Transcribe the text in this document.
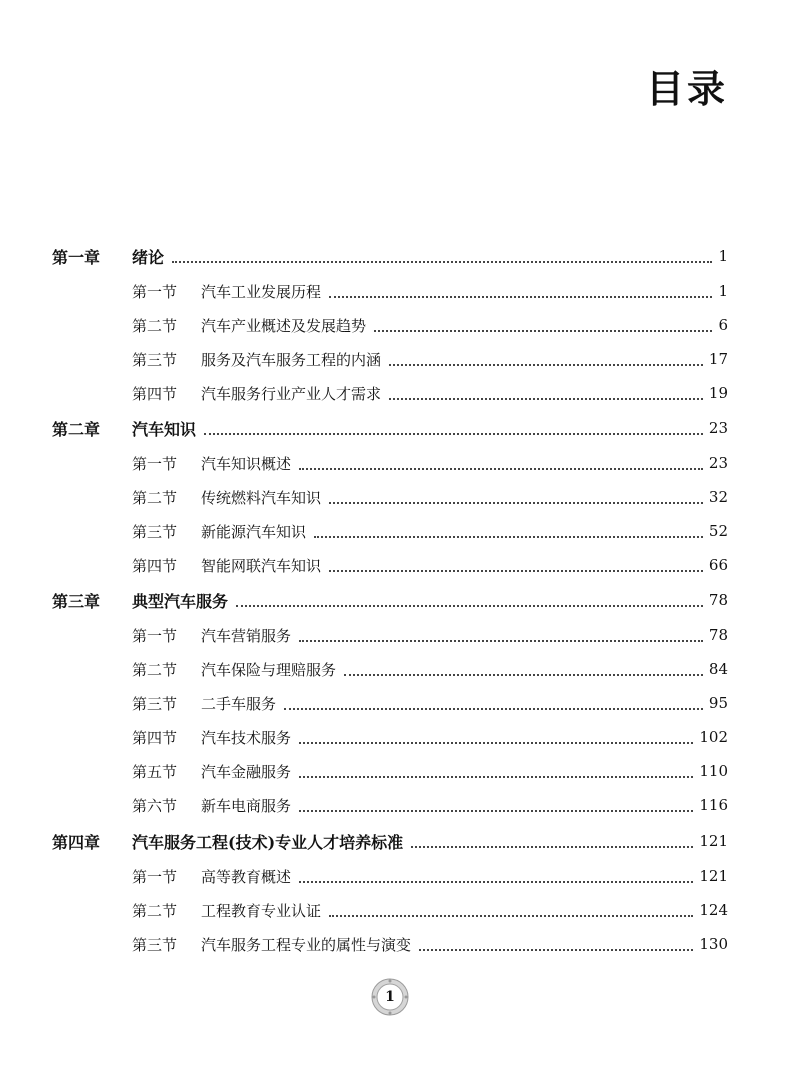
目录
第一章 绪论	1
第一节 汽车工业发展历程	1
第二节 汽车产业概述及发展趋势	6
第三节 服务及汽车服务工程的内涵	17
第四节 汽车服务行业产业人才需求	19
第二章 汽车知识	23
第一节 汽车知识概述	23
第二节 传统燃料汽车知识	32
第三节 新能源汽车知识	52
第四节 智能网联汽车知识	66
第三章 典型汽车服务	78
第一节 汽车营销服务	78
第二节 汽车保险与理赔服务	84
第三节 二手车服务	95
第四节 汽车技术服务	102
第五节 汽车金融服务	110
第六节 新车电商服务	116
第四章 汽车服务工程(技术)专业人才培养标准	121
第一节 高等教育概述	121
第二节 工程教育专业认证	124
第三节 汽车服务工程专业的属性与演变	130
1
